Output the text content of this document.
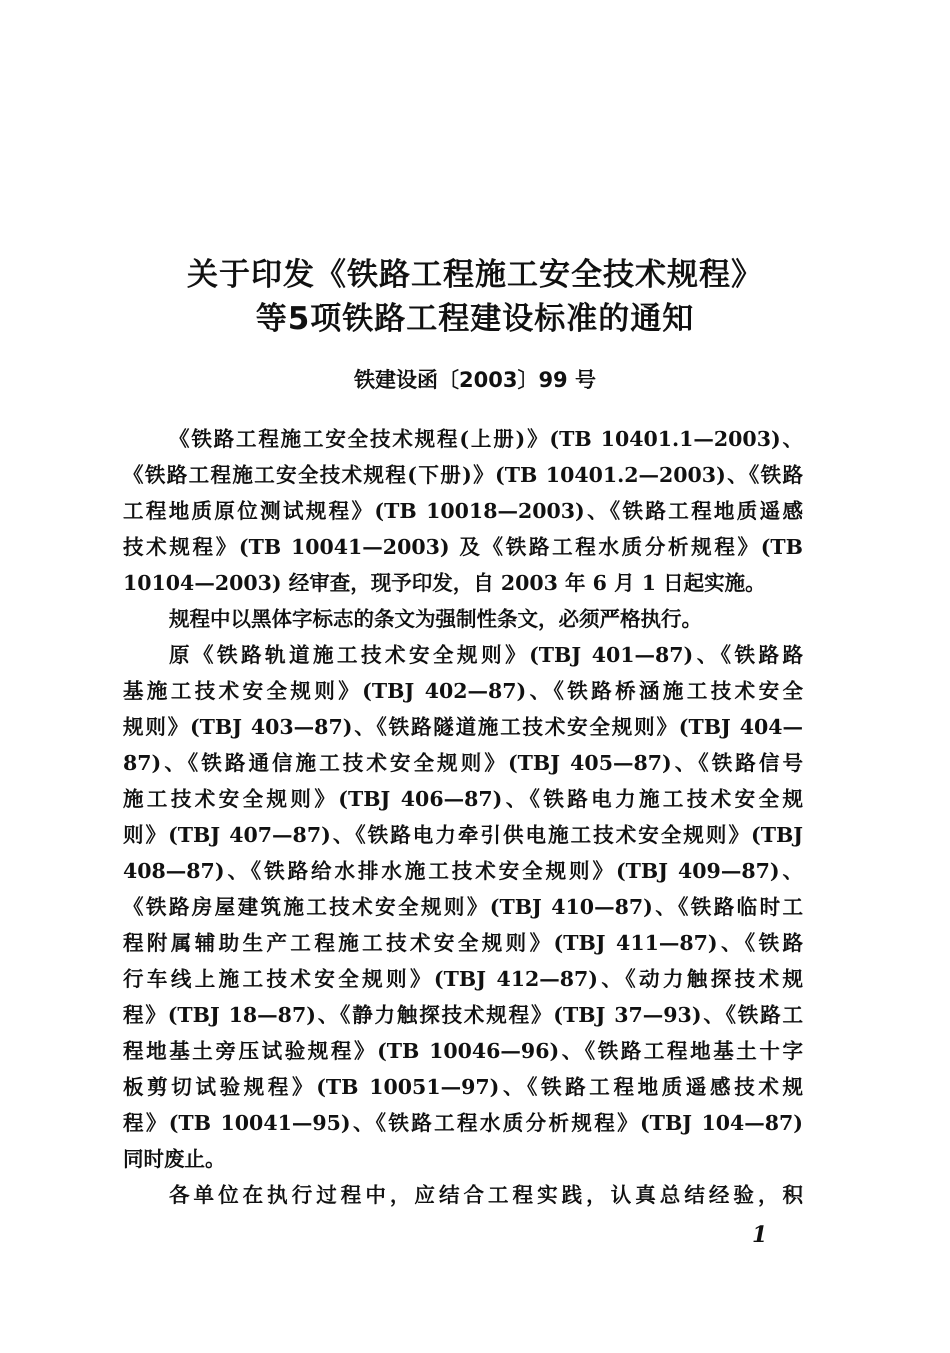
关于印发《铁路工程施工安全技术规程》
等5项铁路工程建设标准的通知
铁建设函〔2003〕99 号
《铁路工程施工安全技术规程(上册)》(TB 10401.1—2003)、
《铁路工程施工安全技术规程(下册)》(TB 10401.2—2003)、《铁路
工程地质原位测试规程》(TB 10018—2003)、《铁路工程地质遥感
技术规程》(TB 10041—2003) 及《铁路工程水质分析规程》(TB
10104—2003) 经审查，现予印发，自 2003 年 6 月 1 日起实施。
规程中以黑体字标志的条文为强制性条文，必须严格执行。
原《铁路轨道施工技术安全规则》(TBJ 401—87)、《铁路路
基施工技术安全规则》(TBJ 402—87)、《铁路桥涵施工技术安全
规则》(TBJ 403—87)、《铁路隧道施工技术安全规则》(TBJ 404—
87)、《铁路通信施工技术安全规则》(TBJ 405—87)、《铁路信号
施工技术安全规则》(TBJ 406—87)、《铁路电力施工技术安全规
则》(TBJ 407—87)、《铁路电力牵引供电施工技术安全规则》(TBJ
408—87)、《铁路给水排水施工技术安全规则》(TBJ 409—87)、
《铁路房屋建筑施工技术安全规则》(TBJ 410—87)、《铁路临时工
程附属辅助生产工程施工技术安全规则》(TBJ 411—87)、《铁路
行车线上施工技术安全规则》(TBJ 412—87)、《动力触探技术规
程》(TBJ 18—87)、《静力触探技术规程》(TBJ 37—93)、《铁路工
程地基土旁压试验规程》(TB 10046—96)、《铁路工程地基土十字
板剪切试验规程》(TB 10051—97)、《铁路工程地质遥感技术规
程》(TB 10041—95)、《铁路工程水质分析规程》(TBJ 104—87)
同时废止。
各单位在执行过程中，应结合工程实践，认真总结经验，积
1
